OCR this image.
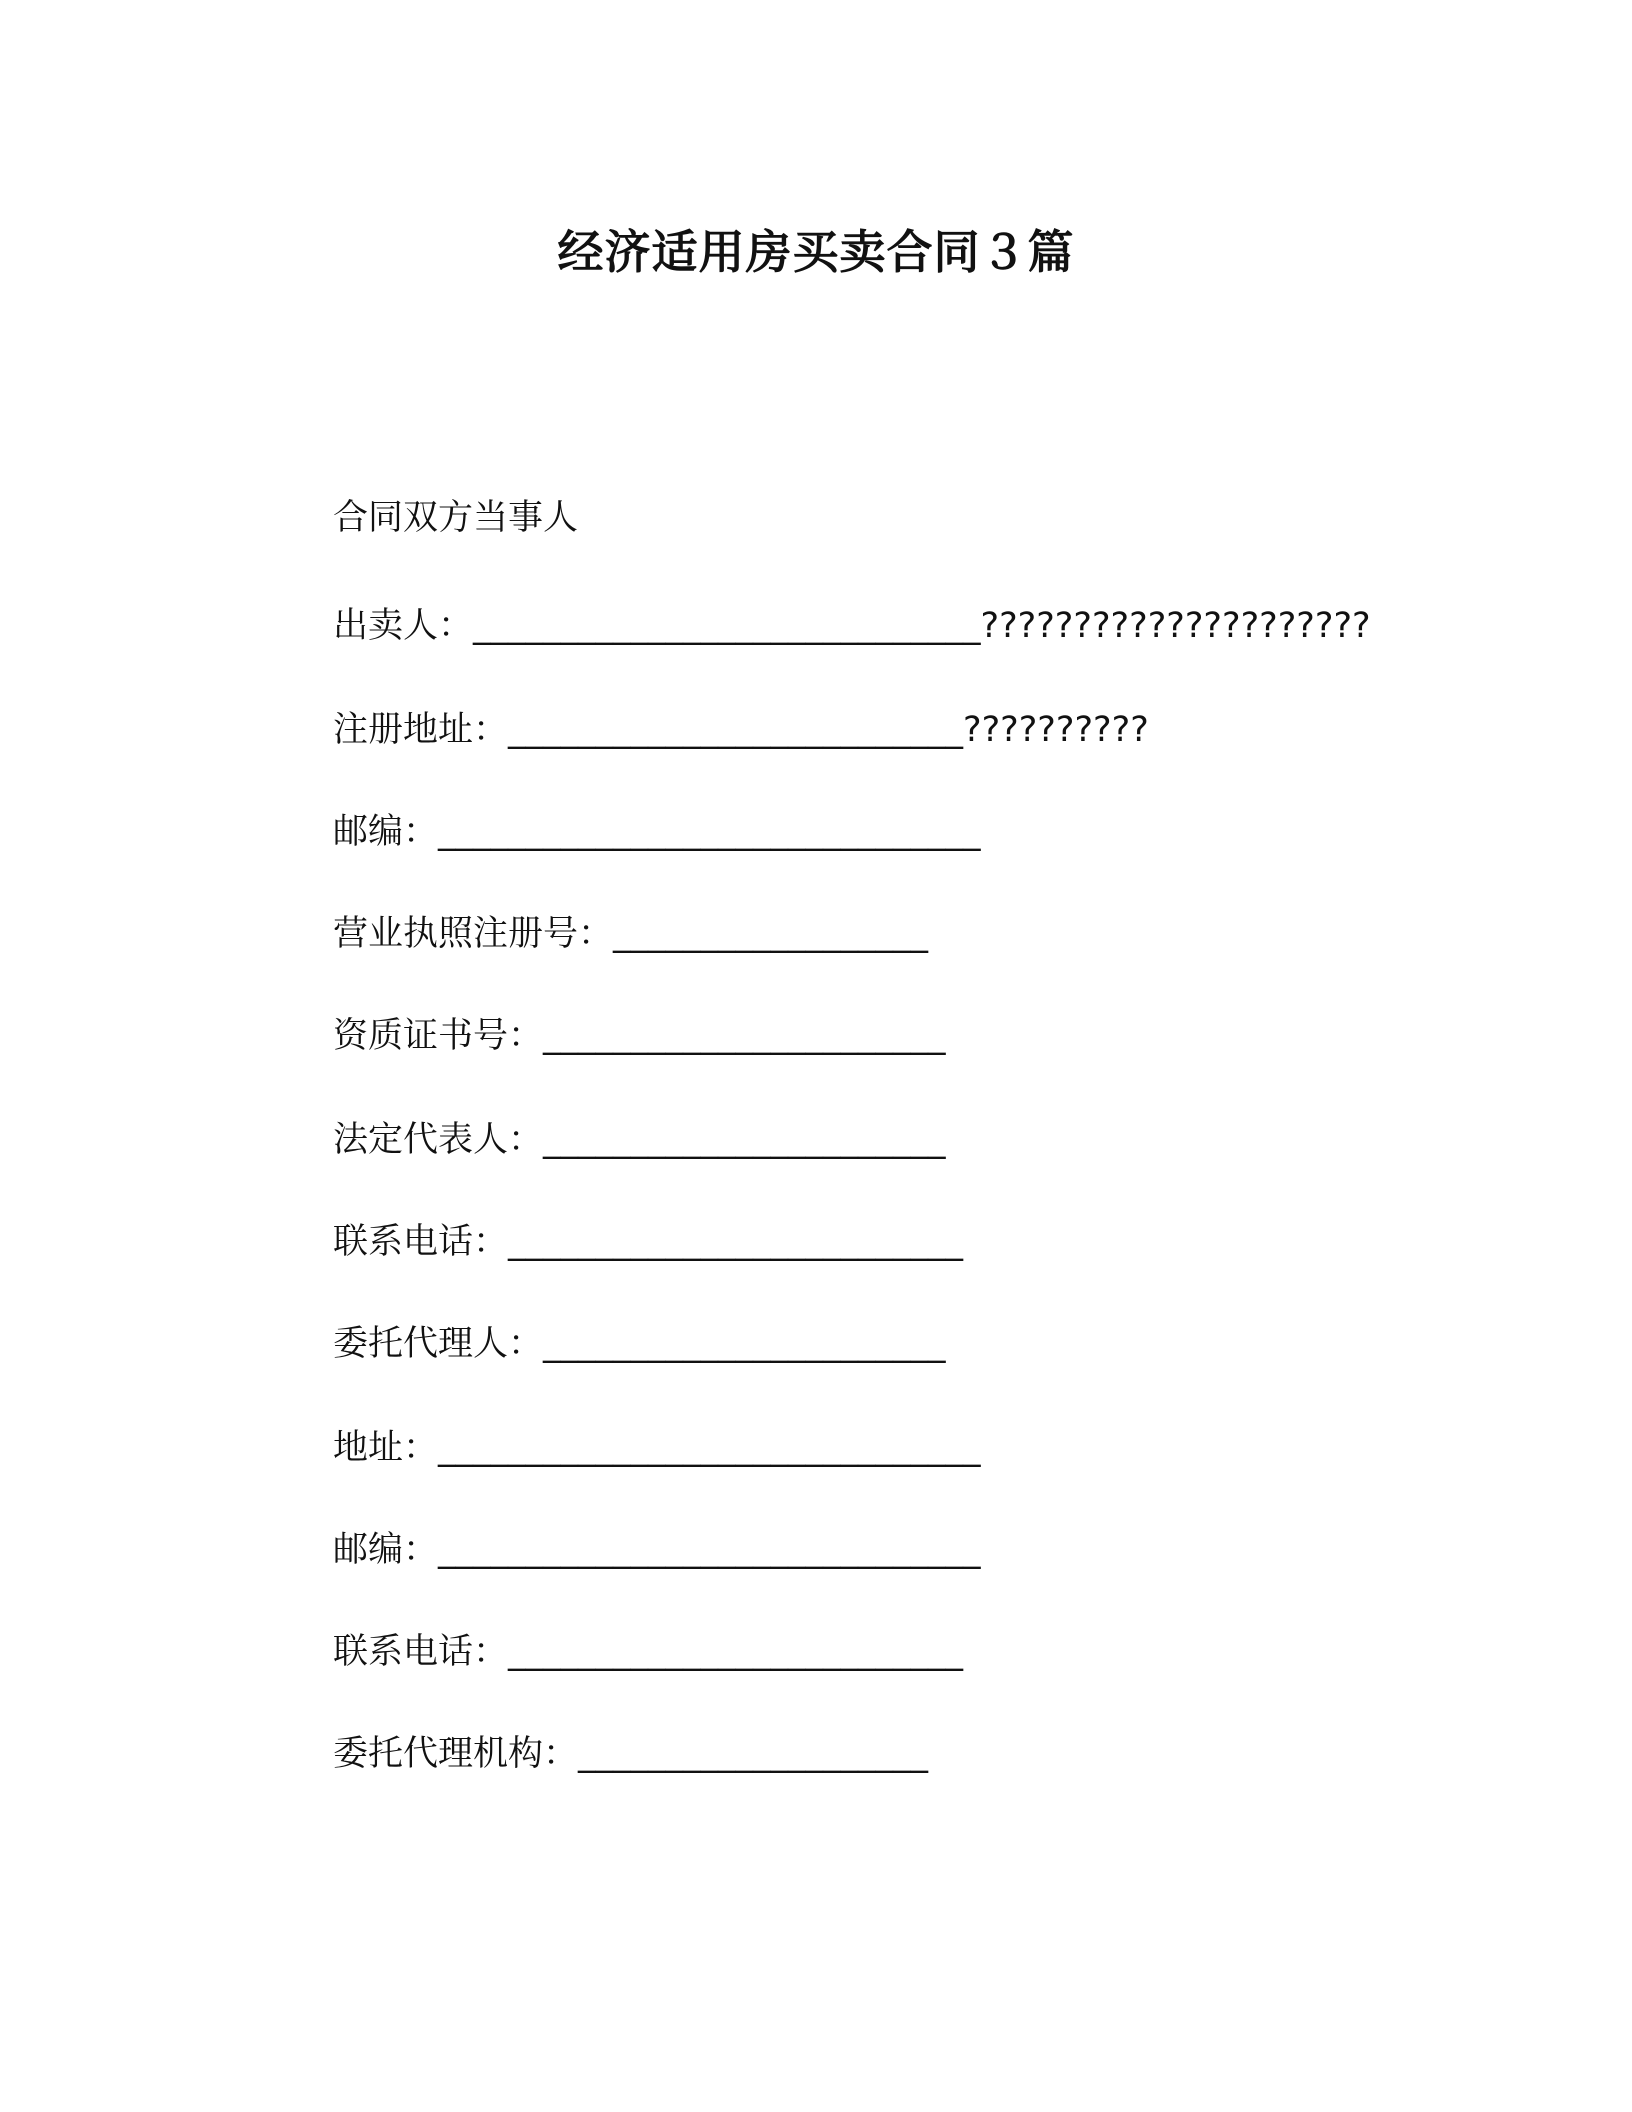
经济适用房买卖合同３篇

合同双方当事人

出卖人：_____________________________?????????????????????

注册地址：__________________________??????????

邮编：_______________________________

营业执照注册号：__________________

资质证书号：_______________________

法定代表人：_______________________

联系电话：__________________________

委托代理人：_______________________

地址：_______________________________

邮编：_______________________________

联系电话：__________________________

委托代理机构：____________________
